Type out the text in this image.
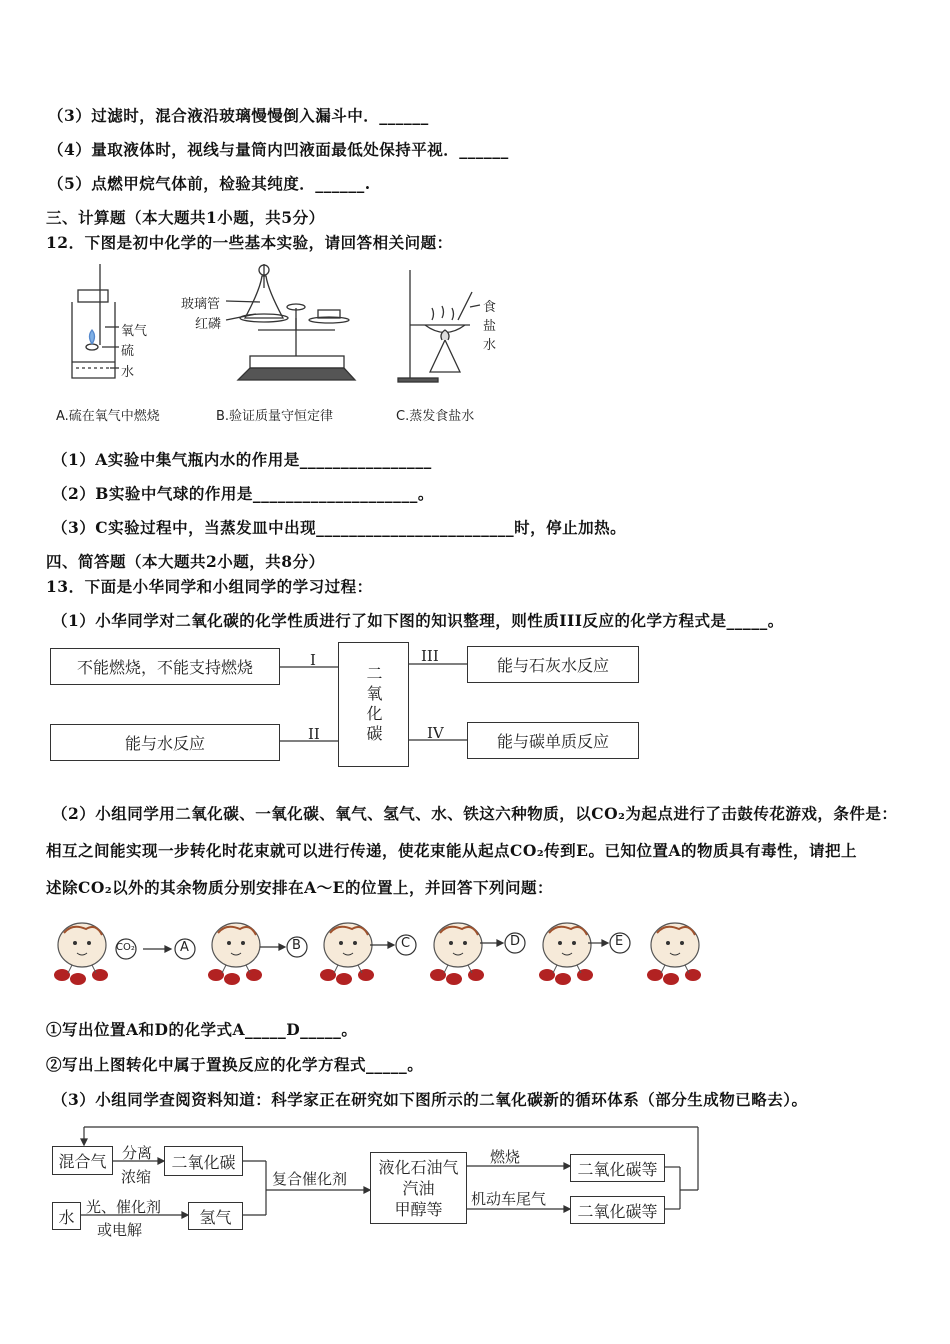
（3）过滤时，混合液沿玻璃慢慢倒入漏斗中．______
（4）量取液体时，视线与量筒内凹液面最低处保持平视．______
（5）点燃甲烷气体前，检验其纯度．______.
三、计算题（本大题共1小题，共5分）
12．下图是初中化学的一些基本实验，请回答相关问题：
氧气
硫
水
A.硫在氧气中燃烧
玻璃管
红磷
B.验证质量守恒定律
食盐水
C.蒸发食盐水
（1）A实验中集气瓶内水的作用是________________
（2）B实验中气球的作用是____________________。
（3）C实验过程中，当蒸发皿中出现________________________时，停止加热。
四、简答题（本大题共2小题，共8分）
13．下面是小华同学和小组同学的学习过程：
（1）小华同学对二氧化碳的化学性质进行了如下图的知识整理，则性质III反应的化学方程式是_____。
不能燃烧，不能支持燃烧
能与水反应	二氧化碳	能与石灰水反应
能与碳单质反应
I
II
III
IV
（2）小组同学用二氧化碳、一氧化碳、氧气、氢气、水、铁这六种物质，以CO₂为起点进行了击鼓传花游戏，条件是：
相互之间能实现一步转化时花束就可以进行传递，使花束能从起点CO₂传到E。已知位置A的物质具有毒性，请把上
述除CO₂以外的其余物质分别安排在A～E的位置上，并回答下列问题：
CO₂	A	B	C	D	E
①写出位置A和D的化学式A_____D_____。
②写出上图转化中属于置换反应的化学方程式_____。
（3）小组同学查阅资料知道：科学家正在研究如下图所示的二氧化碳新的循环体系（部分生成物已略去）。
混合气	分离
浓缩
二氧化碳
水
光、催化剂
或电解
氢气
复合催化剂
液化石油气
汽油
甲醇等
燃烧
机动车尾气
二氧化碳等
二氧化碳等
